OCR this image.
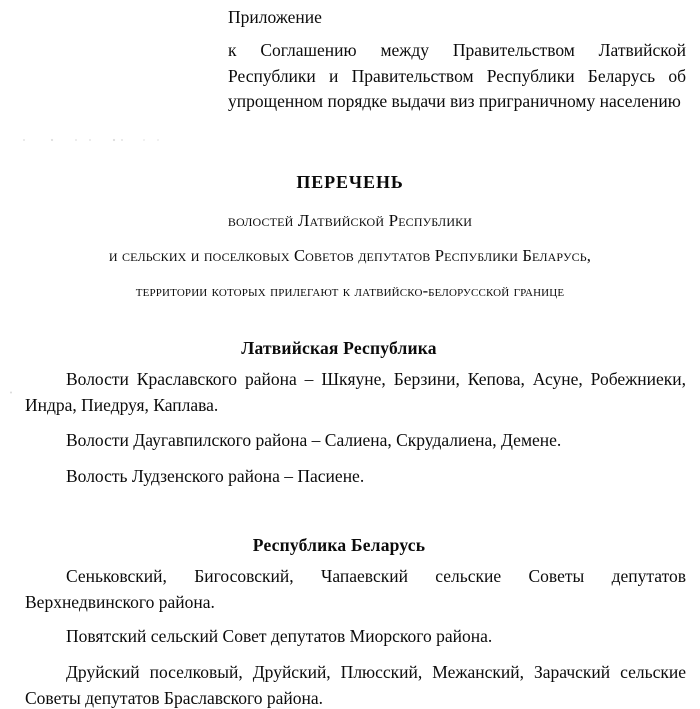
Приложение
к Соглашению между Правительством Латвийской Республики и Правительством Республики Беларусь об упрощенном порядке выдачи виз приграничному населению
ПЕРЕЧЕНЬ
волостей Латвийской Республики
и сельских и поселковых Советов депутатов Республики Беларусь,
территории которых прилегают к латвийско-белорусской границе
Латвийская Республика
Волости Краславского района – Шкяуне, Берзини, Кепова, Асуне, Робежниеки, Индра, Пиедруя, Каплава.
Волости Даугавпилского района – Салиена, Скрудалиена, Демене.
Волость Лудзенского района – Пасиене.
Республика Беларусь
Сеньковский, Бигосовский, Чапаевский сельские Советы депутатов Верхнедвинского района.
Повятский сельский Совет депутатов Миорского района.
Друйский поселковый, Друйский, Плюсский, Межанский, Зарачский сельские Советы депутатов Браславского района.
